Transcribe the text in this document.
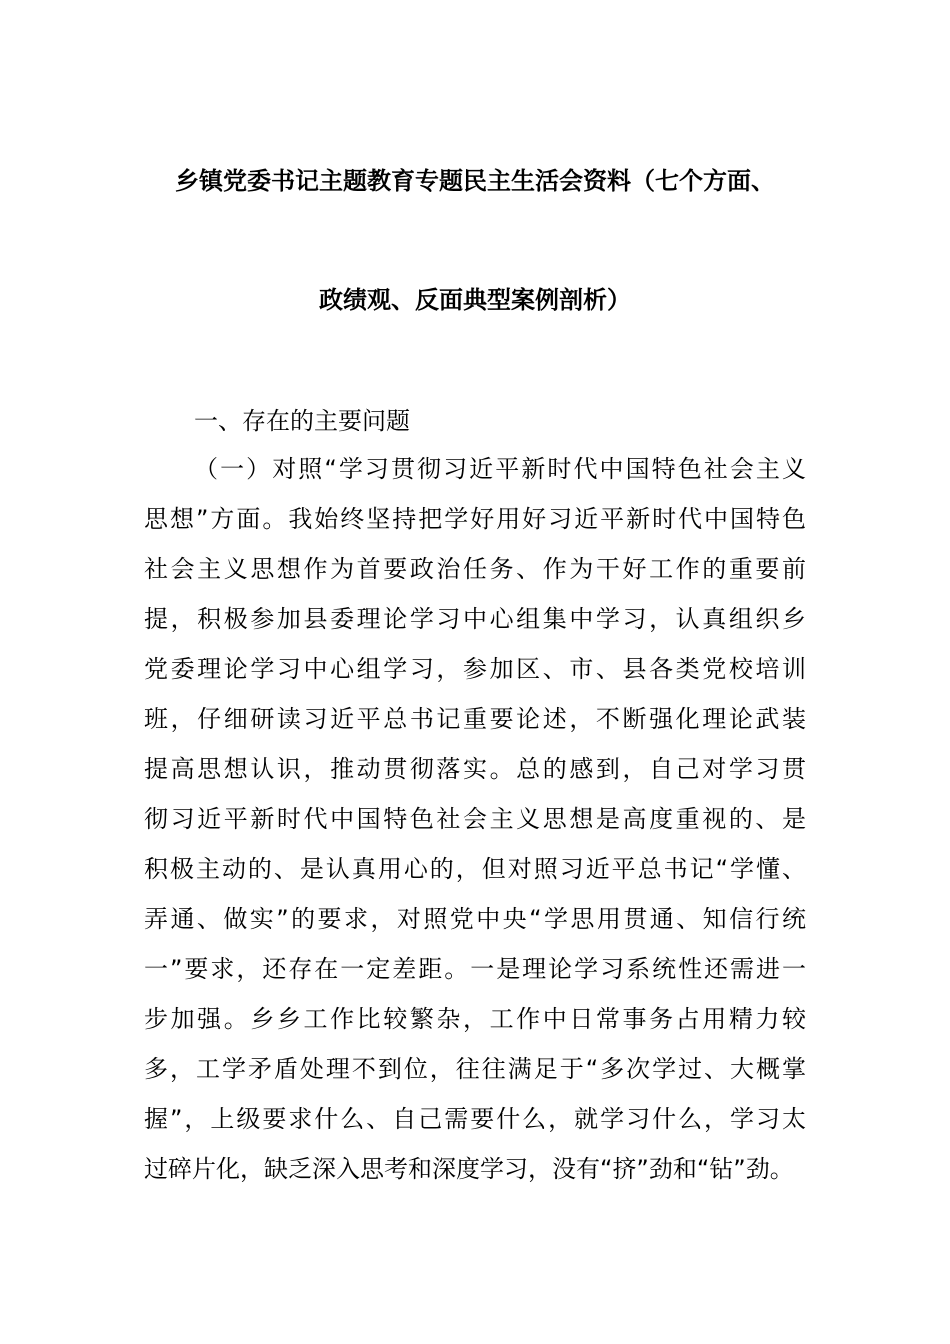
乡镇党委书记主题教育专题民主生活会资料（七个方面、
政绩观、反面典型案例剖析）
一、存在的主要问题
（一）对照“学习贯彻习近平新时代中国特色社会主义
思想”方面。我始终坚持把学好用好习近平新时代中国特色
社会主义思想作为首要政治任务、作为干好工作的重要前
提，积极参加县委理论学习中心组集中学习，认真组织乡
党委理论学习中心组学习，参加区、市、县各类党校培训
班，仔细研读习近平总书记重要论述，不断强化理论武装
提高思想认识，推动贯彻落实。总的感到，自己对学习贯
彻习近平新时代中国特色社会主义思想是高度重视的、是
积极主动的、是认真用心的，但对照习近平总书记“学懂、
弄通、做实”的要求，对照党中央“学思用贯通、知信行统
一”要求，还存在一定差距。一是理论学习系统性还需进一
步加强。乡乡工作比较繁杂，工作中日常事务占用精力较
多，工学矛盾处理不到位，往往满足于“多次学过、大概掌
握”，上级要求什么、自己需要什么，就学习什么，学习太
过碎片化，缺乏深入思考和深度学习，没有“挤”劲和“钻”劲。
